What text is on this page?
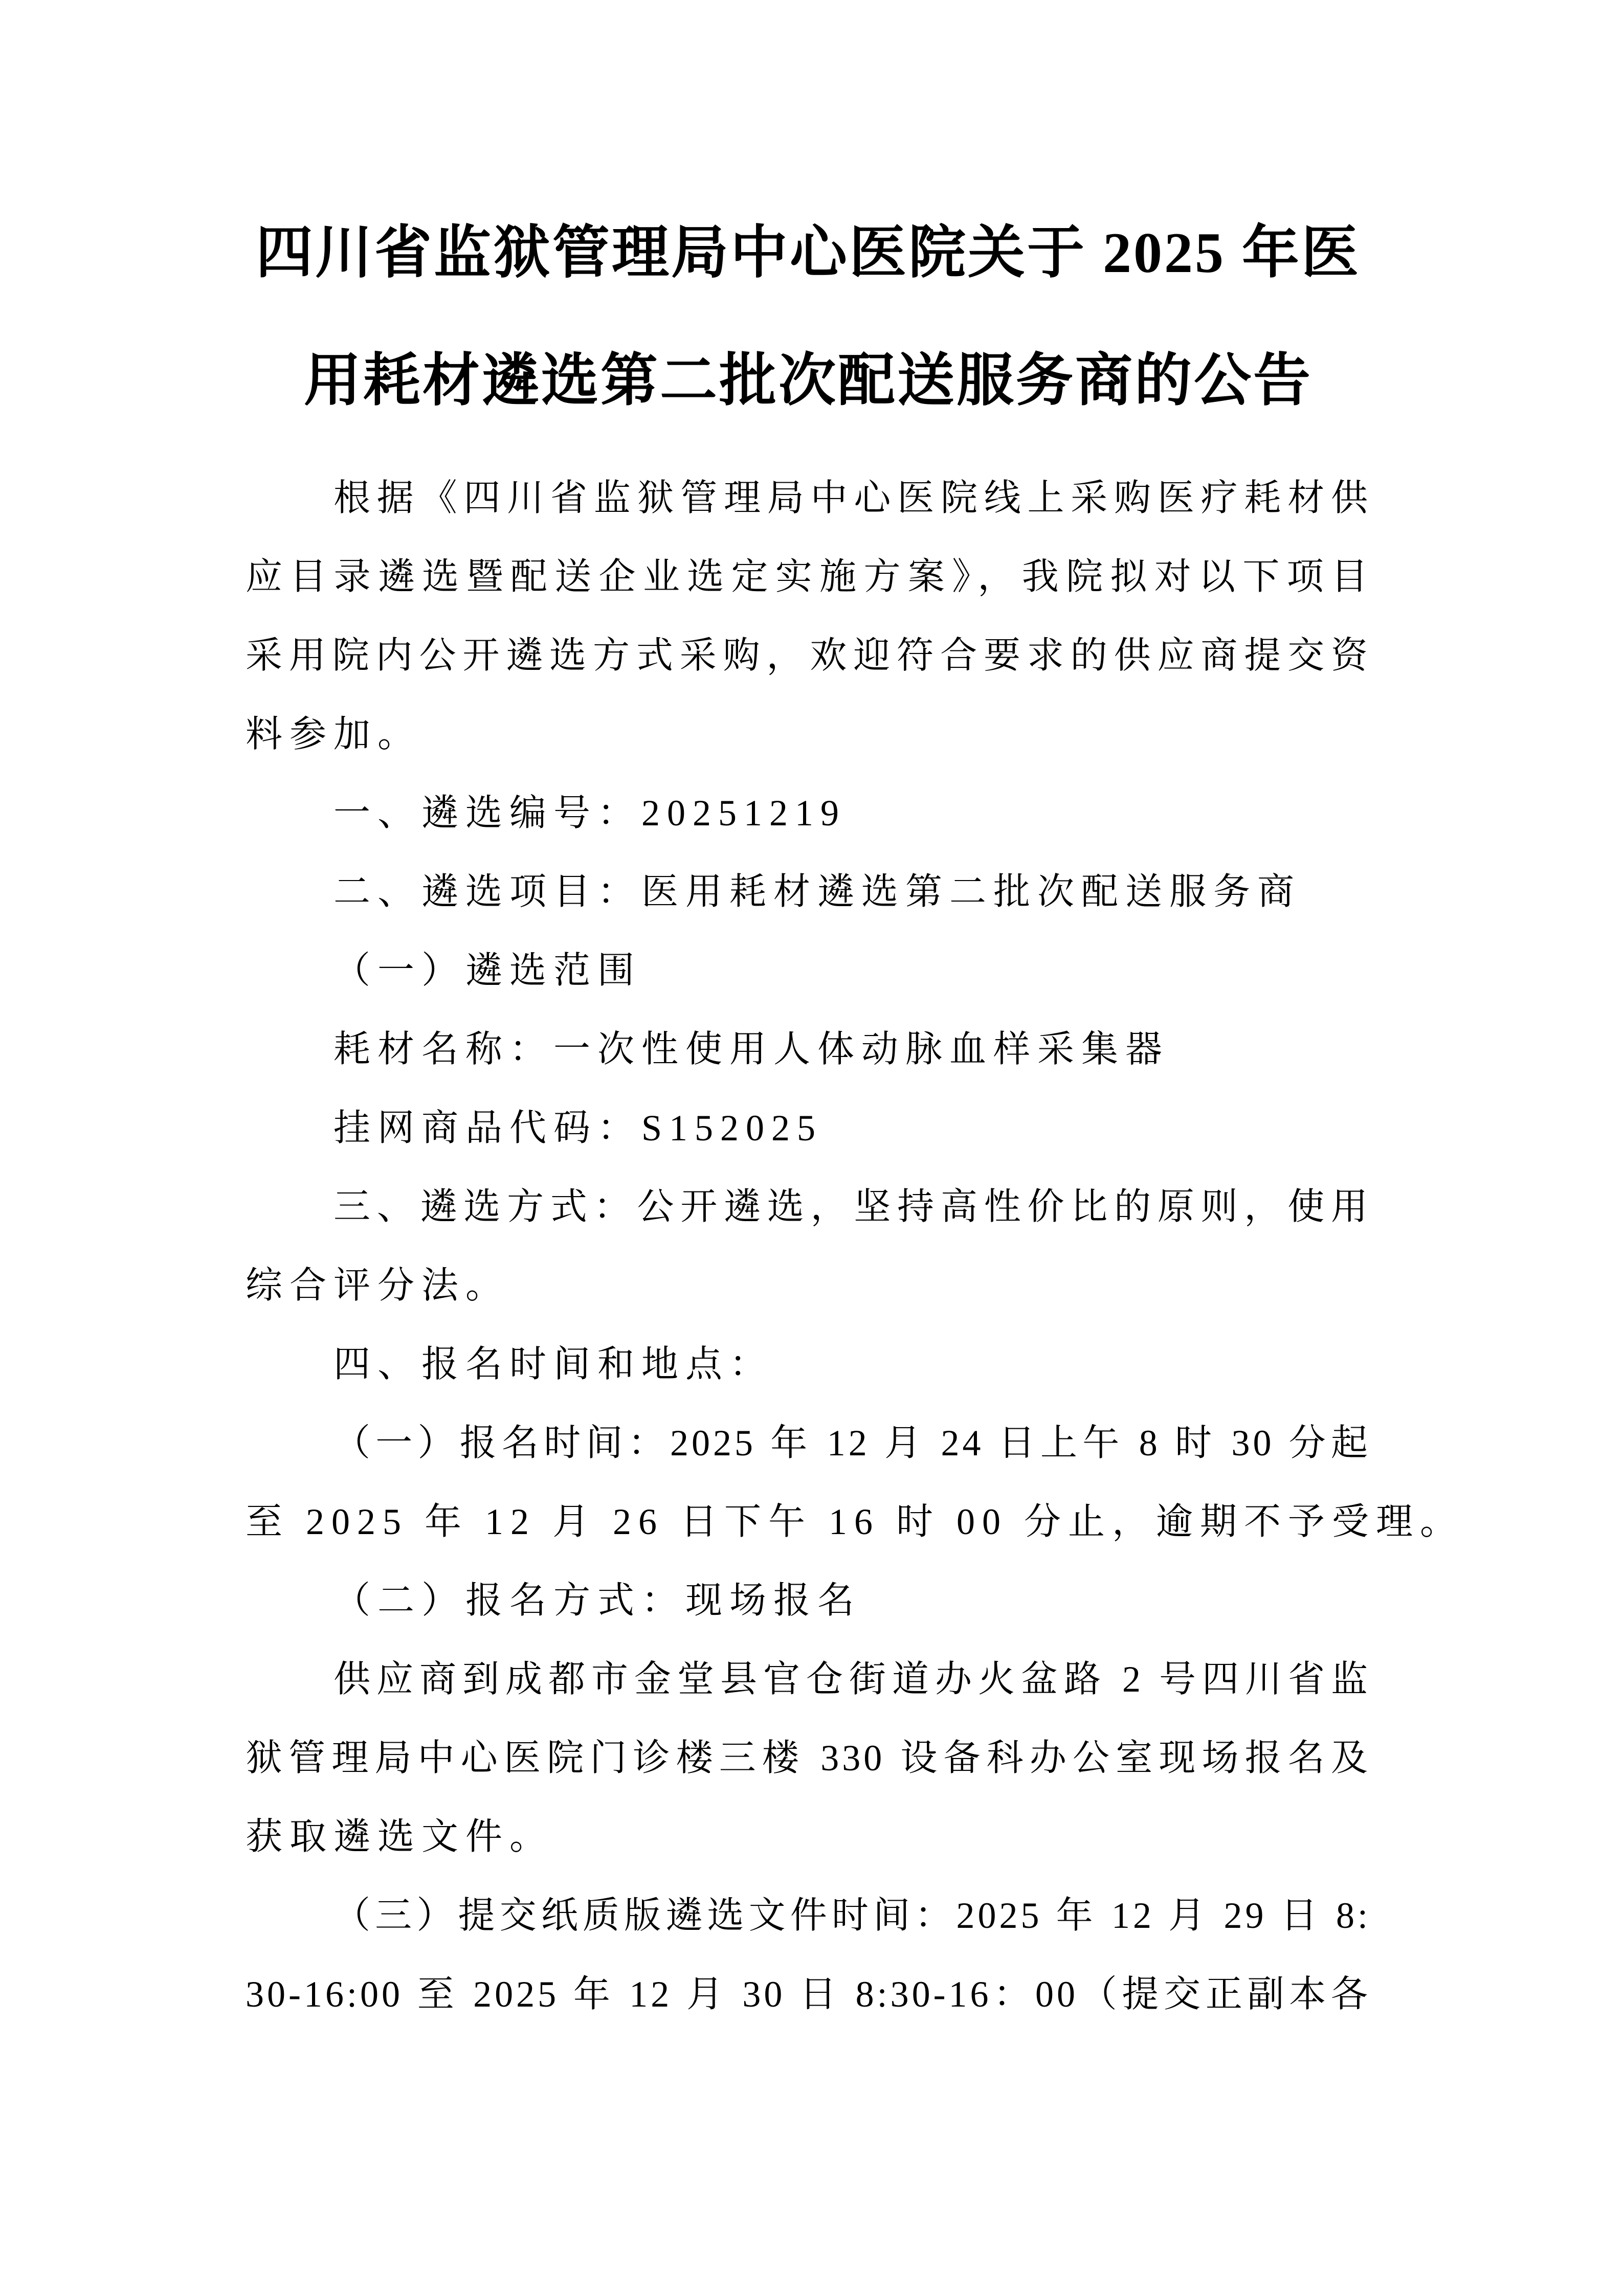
四川省监狱管理局中心医院关于 2025 年医
用耗材遴选第二批次配送服务商的公告
根据《四川省监狱管理局中心医院线上采购医疗耗材供
应目录遴选暨配送企业选定实施方案》，我院拟对以下项目
采用院内公开遴选方式采购，欢迎符合要求的供应商提交资
料参加。
一、遴选编号：20251219
二、遴选项目：医用耗材遴选第二批次配送服务商
（一）遴选范围
耗材名称：一次性使用人体动脉血样采集器
挂网商品代码：S152025
三、遴选方式：公开遴选，坚持高性价比的原则，使用
综合评分法。
四、报名时间和地点：
（一）报名时间：2025 年 12 月 24 日上午 8 时 30 分起
至 2025 年 12 月 26 日下午 16 时 00 分止，逾期不予受理。
（二）报名方式：现场报名
供应商到成都市金堂县官仓街道办火盆路 2 号四川省监
狱管理局中心医院门诊楼三楼 330 设备科办公室现场报名及
获取遴选文件。
（三）提交纸质版遴选文件时间：2025 年 12 月 29 日 8:
30-16:00 至 2025 年 12 月 30 日 8:30-16：00（提交正副本各
